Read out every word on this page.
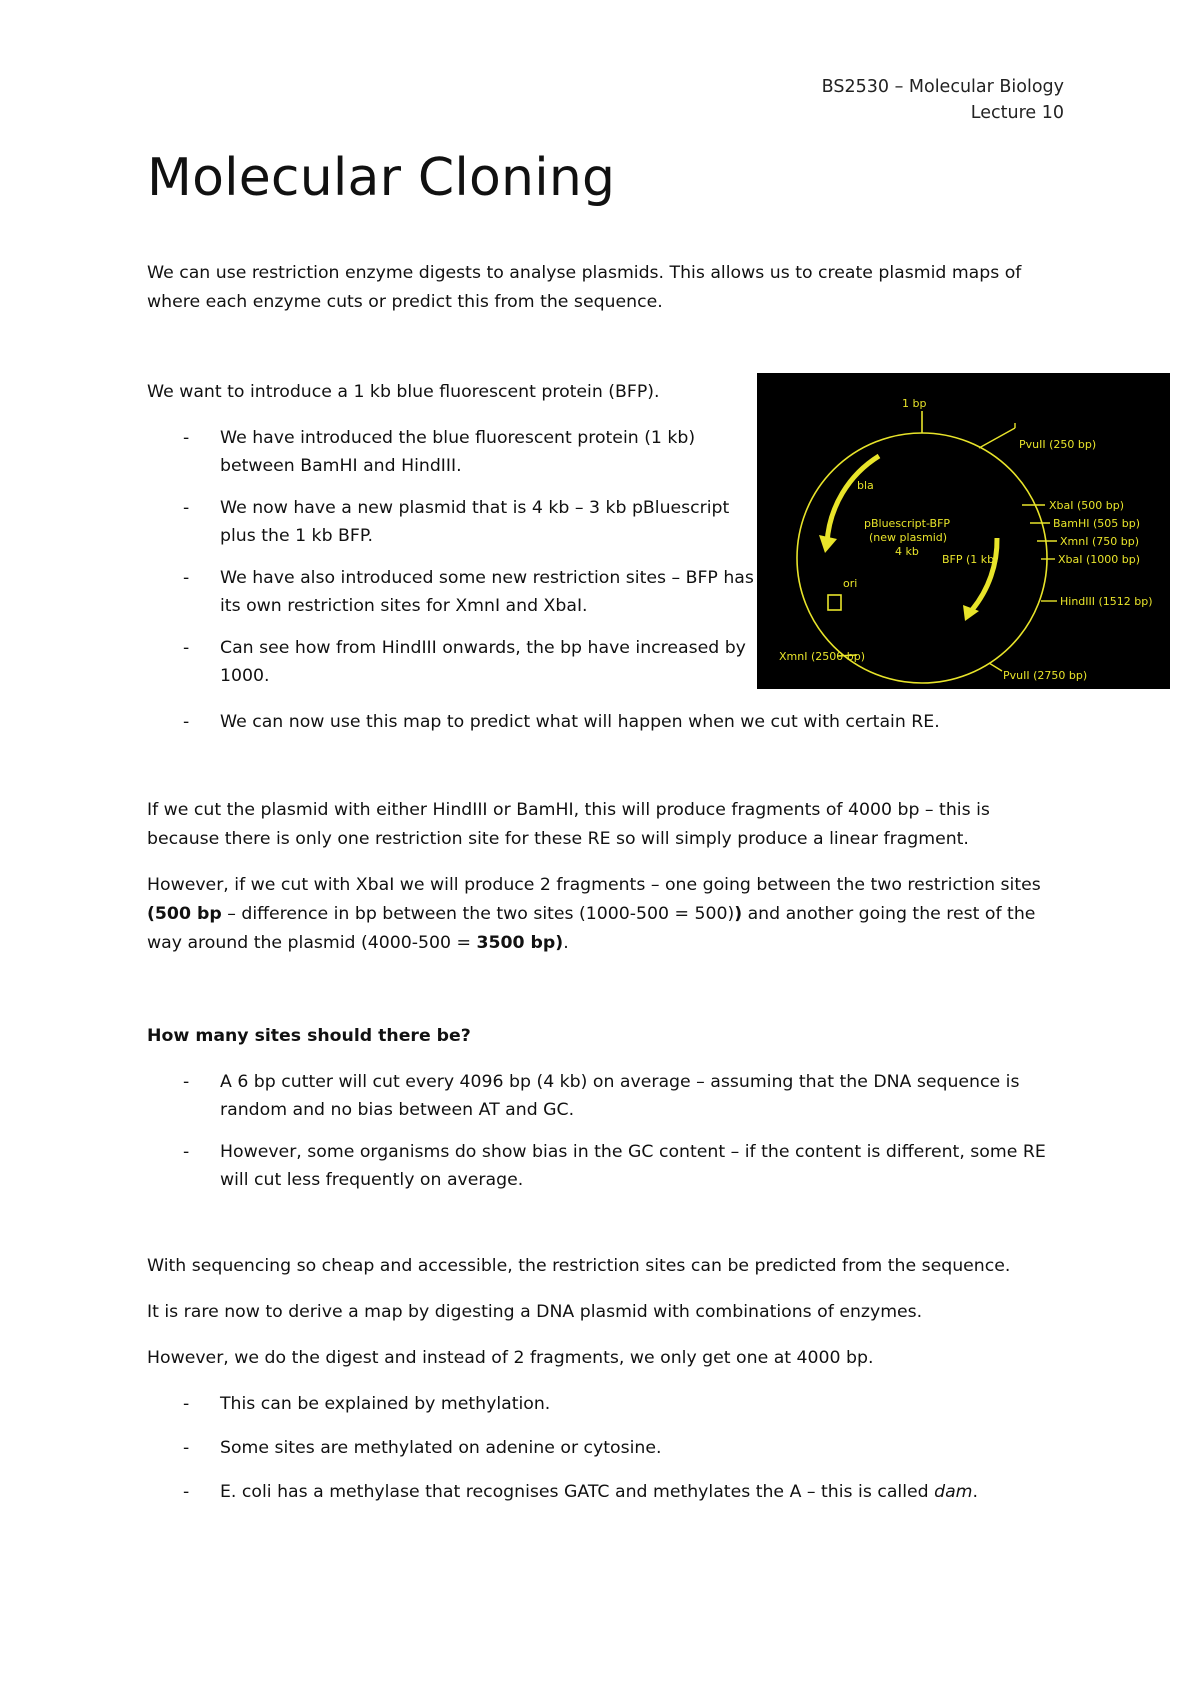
BS2530 – Molecular Biology
Lecture 10
Molecular Cloning

We can use restriction enzyme digests to analyse plasmids. This allows us to create plasmid maps of where each enzyme cuts or predict this from the sequence.

We want to introduce a 1 kb blue fluorescent protein (BFP).

- We have introduced the blue fluorescent protein (1 kb) between BamHI and HindIII.
- We now have a new plasmid that is 4 kb – 3 kb pBluescript plus the 1 kb BFP.
- We have also introduced some new restriction sites – BFP has its own restriction sites for XmnI and XbaI.
- Can see how from HindIII onwards, the bp have increased by 1000.
- We can now use this map to predict what will happen when we cut with certain RE.
1 bp
PvuII (250 bp)
XbaI (500 bp)
BamHI (505 bp)
XmnI (750 bp)
XbaI (1000 bp)
HindIII (1512 bp)
PvuII (2750 bp)
XmnI (2500 bp)
bla
BFP (1 kb)
ori
pBluescript-BFP
(new plasmid)
4 kb

If we cut the plasmid with either HindIII or BamHI, this will produce fragments of 4000 bp – this is because there is only one restriction site for these RE so will simply produce a linear fragment.

However, if we cut with XbaI we will produce 2 fragments – one going between the two restriction sites (500 bp – difference in bp between the two sites (1000-500 = 500)) and another going the rest of the way around the plasmid (4000-500 = 3500 bp).

How many sites should there be?

- A 6 bp cutter will cut every 4096 bp (4 kb) on average – assuming that the DNA sequence is random and no bias between AT and GC.
- However, some organisms do show bias in the GC content – if the content is different, some RE will cut less frequently on average.

With sequencing so cheap and accessible, the restriction sites can be predicted from the sequence.

It is rare now to derive a map by digesting a DNA plasmid with combinations of enzymes.

However, we do the digest and instead of 2 fragments, we only get one at 4000 bp.

- This can be explained by methylation.
- Some sites are methylated on adenine or cytosine.
- E. coli has a methylase that recognises GATC and methylates the A – this is called dam.
